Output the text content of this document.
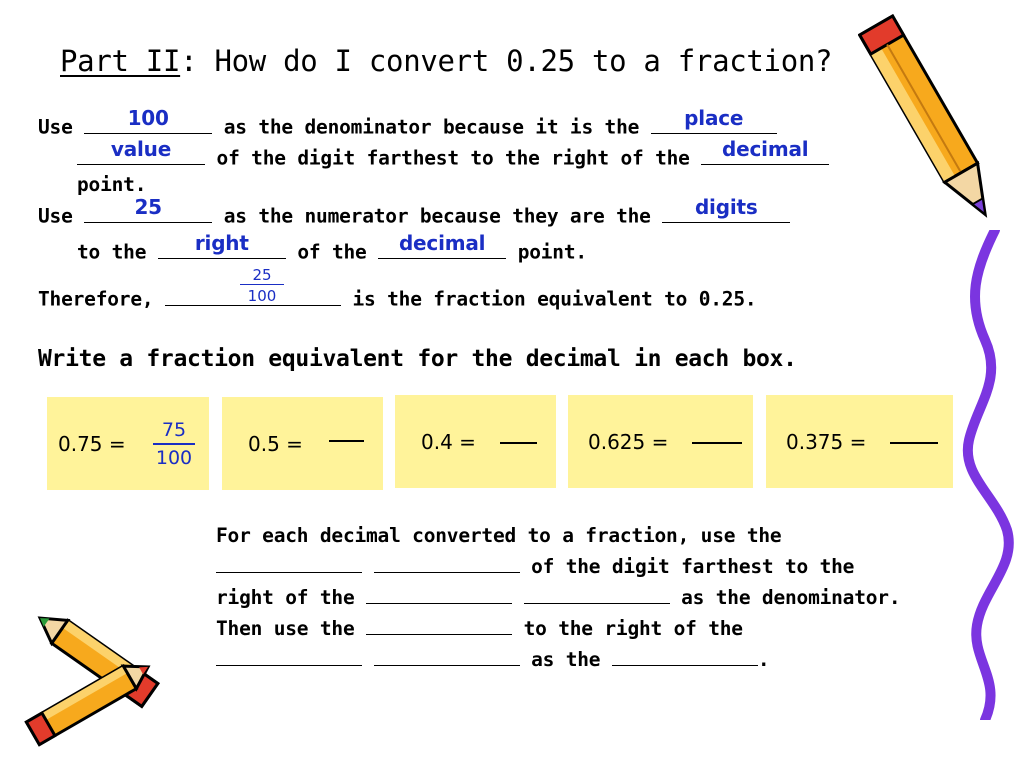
Part II: How do I convert 0.25 to a fraction?
Use	100	as the denominator because it is the	place
value	of the digit farthest to the right of the	decimal
point.
Use	25	as the numerator because they are the	digits
to the	right	of the	decimal	point.
25
100
Therefore,	is the fraction equivalent to 0.25.
Write a fraction equivalent for the decimal in each box.
0.75 =
75
100
0.5 =	0.4 =	0.625 =	0.375 =
For each decimal converted to a fraction, use the
of the digit farthest to the
right of the	as the denominator.
Then use the	to the right of the
as the	.
